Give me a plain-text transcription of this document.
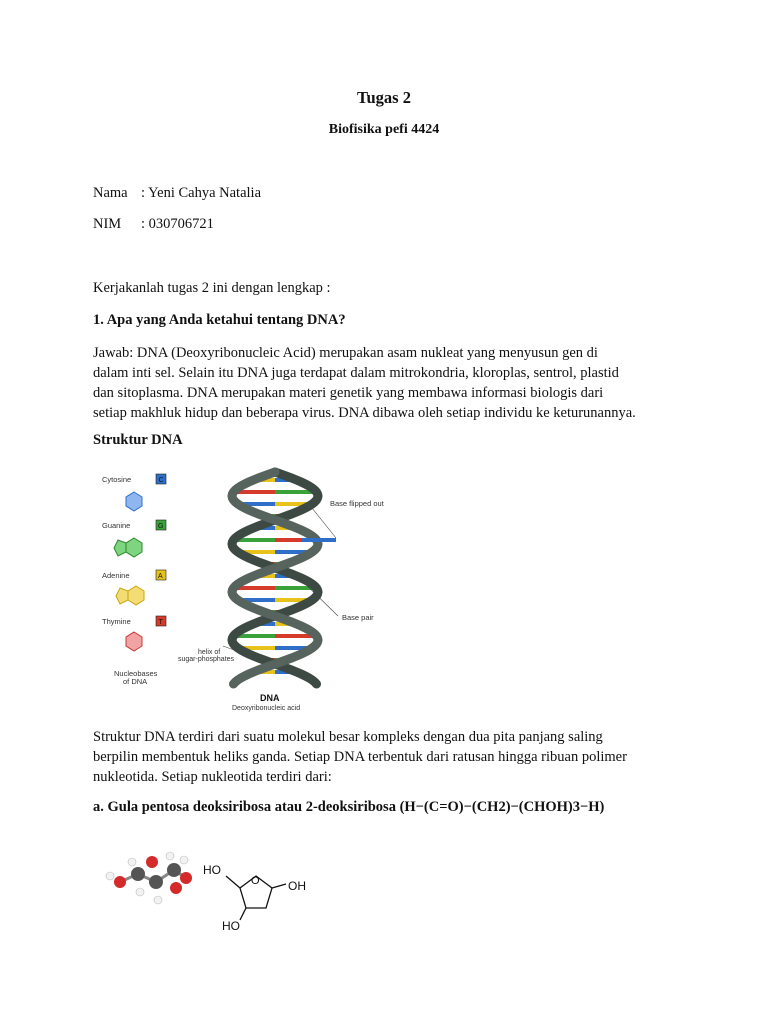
Tugas 2
Biofisika pefi 4424
Nama : Yeni Cahya Natalia
NIM : 030706721
Kerjakanlah tugas 2 ini dengan lengkap :
1. Apa yang Anda ketahui tentang DNA?
Jawab: DNA (Deoxyribonucleic Acid) merupakan asam nukleat yang menyusun gen di
dalam inti sel. Selain itu DNA juga terdapat dalam mitrokondria, kloroplas, sentrol, plastid
dan sitoplasma. DNA merupakan materi genetik yang membawa informasi biologis dari
setiap makhluk hidup dan beberapa virus. DNA dibawa oleh setiap individu ke keturunannya.
Struktur DNA
Cytosine	C
Guanine	G
Adenine	A
Thymine	T
Nucleobases
of DNA
Base flipped out
Base pair
helix of
sugar-phosphates
DNA
Deoxyribonucleic acid
Struktur DNA terdiri dari suatu molekul besar kompleks dengan dua pita panjang saling
berpilin membentuk heliks ganda. Setiap DNA terbentuk dari ratusan hingga ribuan polimer
nukleotida. Setiap nukleotida terdiri dari:
a. Gula pentosa deoksiribosa atau 2-deoksiribosa (H−(C=O)−(CH2)−(CHOH)3−H)
HO
OH
HO
O
